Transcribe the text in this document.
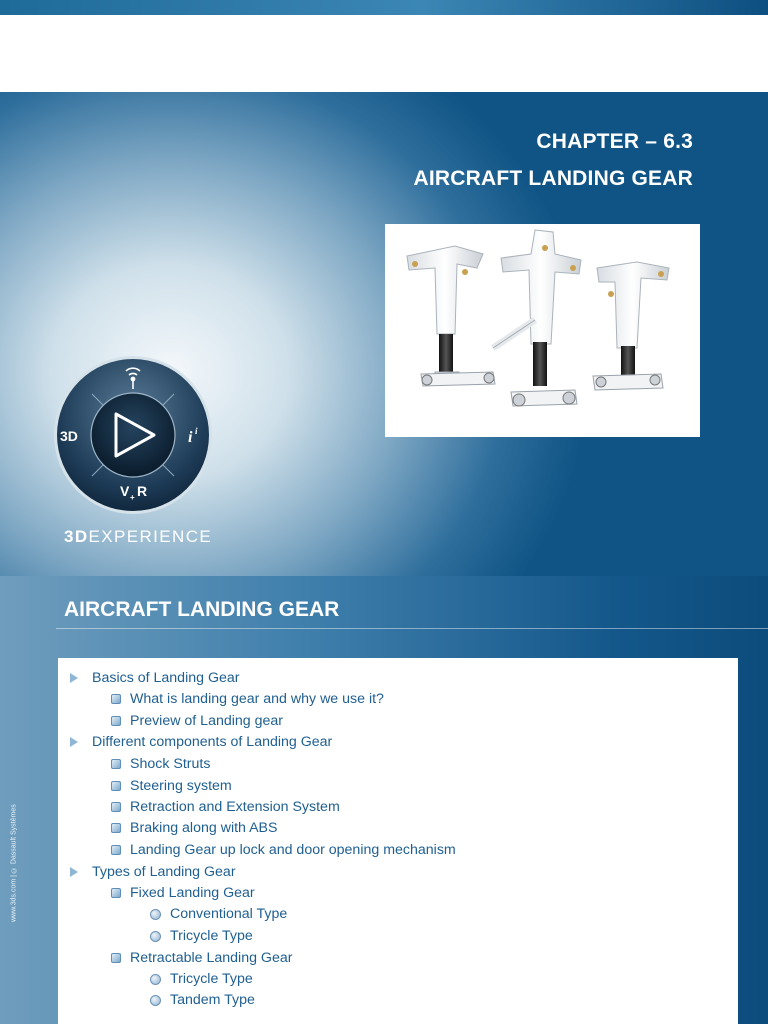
CHAPTER – 6.3
AIRCRAFT LANDING GEAR
3D	i i
V + R
3DEXPERIENCE
AIRCRAFT LANDING GEAR
www.3ds.com | © Dassault Systèmes
Basics of Landing Gear
What is landing gear and why we use it?
Preview of Landing gear
Different components of Landing Gear
Shock Struts
Steering system
Retraction and Extension System
Braking along with ABS
Landing Gear up lock and door opening mechanism
Types of Landing Gear
Fixed Landing Gear
Conventional Type
Tricycle Type
Retractable Landing Gear
Tricycle Type
Tandem Type
